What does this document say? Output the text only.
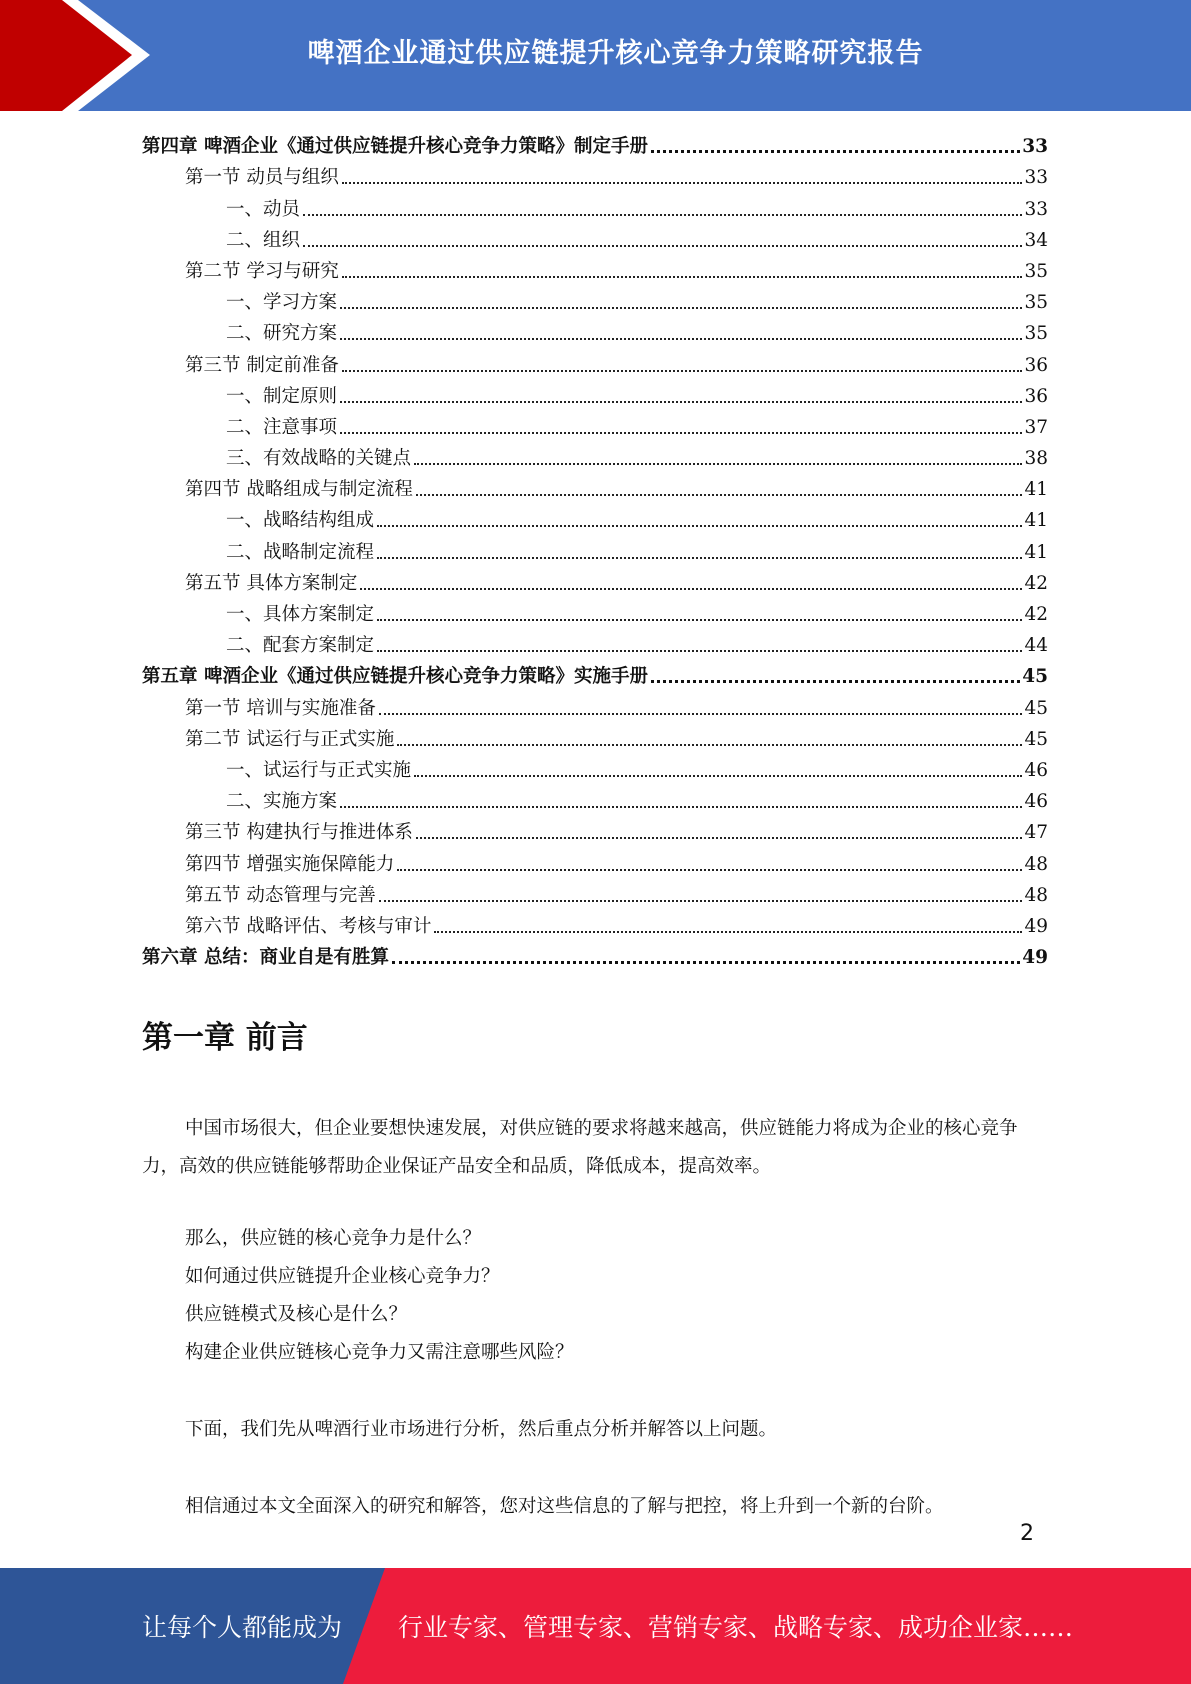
啤酒企业通过供应链提升核心竞争力策略研究报告
第四章 啤酒企业《通过供应链提升核心竞争力策略》制定手册	33
第一节 动员与组织	33
一、动员	33
二、组织	34
第二节 学习与研究	35
一、学习方案	35
二、研究方案	35
第三节 制定前准备	36
一、制定原则	36
二、注意事项	37
三、有效战略的关键点	38
第四节 战略组成与制定流程	41
一、战略结构组成	41
二、战略制定流程	41
第五节 具体方案制定	42
一、具体方案制定	42
二、配套方案制定	44
第五章 啤酒企业《通过供应链提升核心竞争力策略》实施手册	45
第一节 培训与实施准备	45
第二节 试运行与正式实施	45
一、试运行与正式实施	46
二、实施方案	46
第三节 构建执行与推进体系	47
第四节 增强实施保障能力	48
第五节 动态管理与完善	48
第六节 战略评估、考核与审计	49
第六章 总结：商业自是有胜算	49
第一章 前言

中国市场很大，但企业要想快速发展，对供应链的要求将越来越高，供应链能力将成为企业的核心竞争力，高效的供应链能够帮助企业保证产品安全和品质，降低成本，提高效率。

那么，供应链的核心竞争力是什么？
如何通过供应链提升企业核心竞争力？
供应链模式及核心是什么？
构建企业供应链核心竞争力又需注意哪些风险？
下面，我们先从啤酒行业市场进行分析，然后重点分析并解答以上问题。
相信通过本文全面深入的研究和解答，您对这些信息的了解与把控，将上升到一个新的台阶。
2
让每个人都能成为 行业专家、管理专家、营销专家、战略专家、成功企业家……
